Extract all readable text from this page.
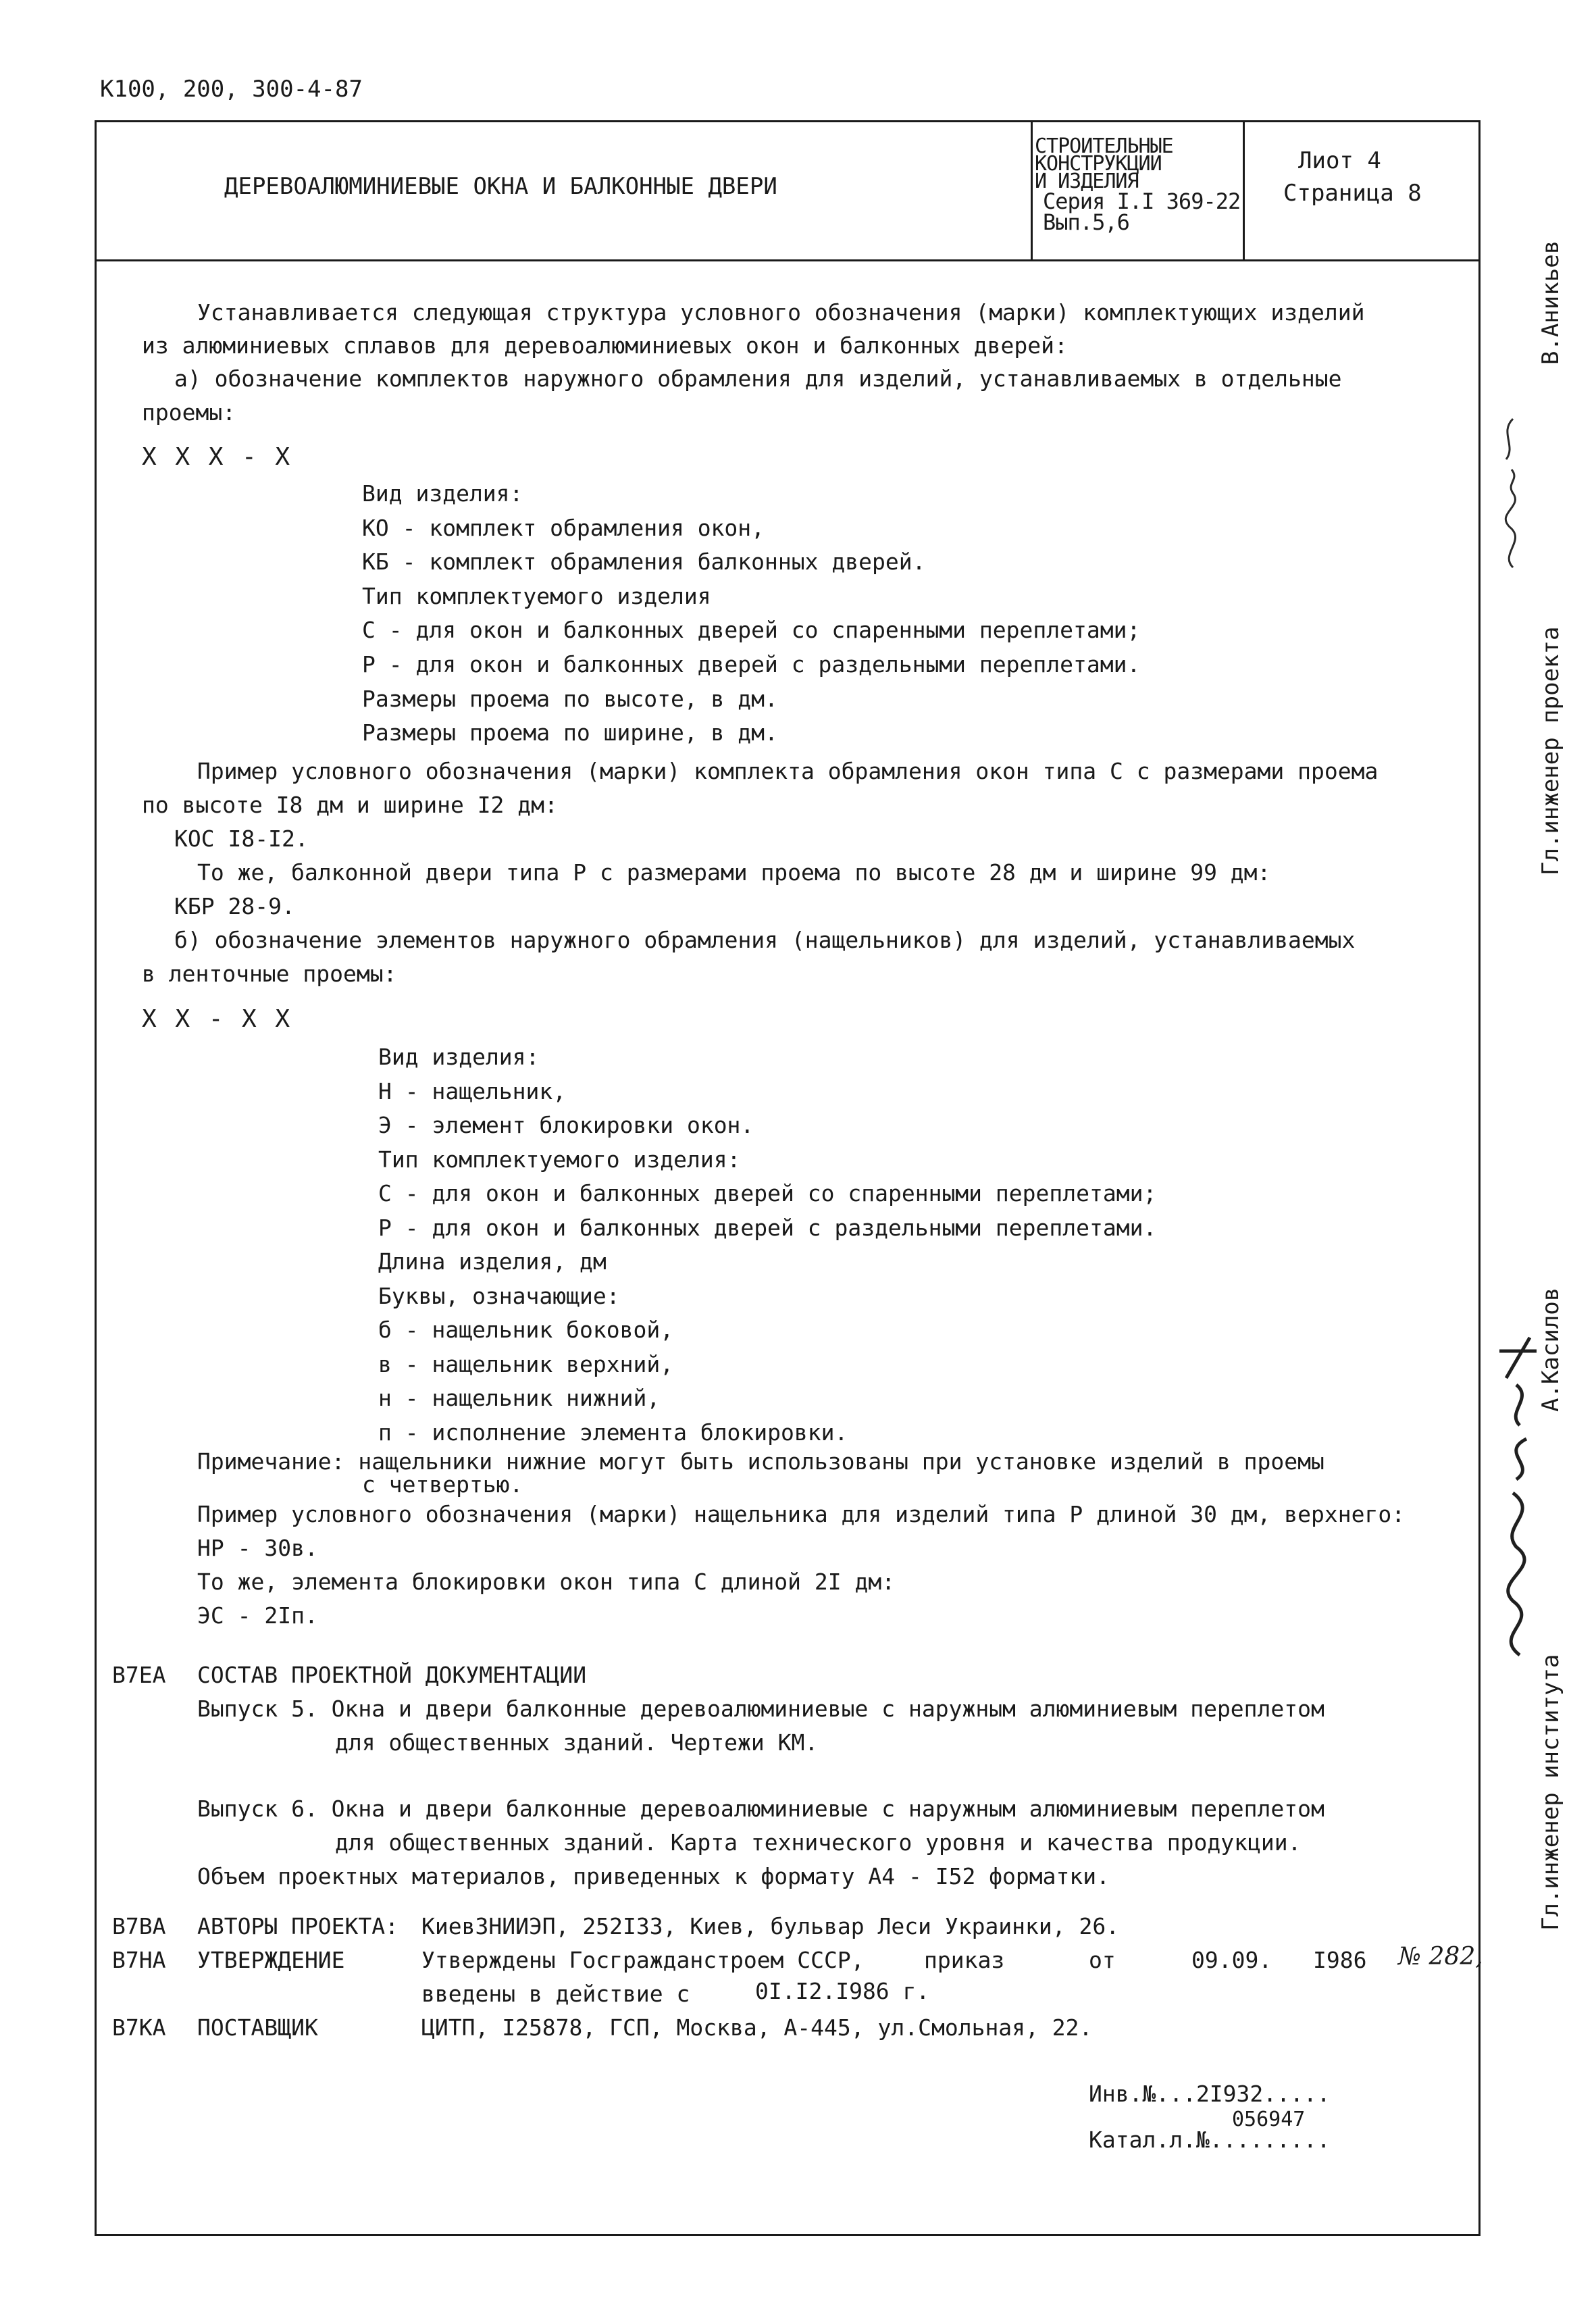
К100, 200, 300-4-87
ДЕРЕВОАЛЮМИНИЕВЫЕ ОКНА И БАЛКОННЫЕ ДВЕРИ
СТРОИТЕЛЬНЫЕ
КОНСТРУКЦИИ
И ИЗДЕЛИЯ
Серия I.I 369-22
Вып.5,6
Лиот 4
Страница 8
Устанавливается следующая структура условного обозначения (марки) комплектующих изделий
из алюминиевых сплавов для деревоалюминиевых окон и балконных дверей:
а) обозначение комплектов наружного обрамления для изделий, устанавливаемых в отдельные
проемы:
X X X - X
Вид изделия:
КО - комплект обрамления окон,
КБ - комплект обрамления балконных дверей.
Тип комплектуемого изделия
С - для окон и балконных дверей со спаренными переплетами;
Р - для окон и балконных дверей с раздельными переплетами.
Размеры проема по высоте, в дм.
Размеры проема по ширине, в дм.
Пример условного обозначения (марки) комплекта обрамления окон типа С с размерами проема
по высоте I8 дм и ширине I2 дм:
КОС I8-I2.
То же, балконной двери типа Р с размерами проема по высоте 28 дм и ширине 99 дм:
КБР 28-9.
б) обозначение элементов наружного обрамления (нащельников) для изделий, устанавливаемых
в ленточные проемы:
X X - X X
Вид изделия:
Н - нащельник,
Э - элемент блокировки окон.
Тип комплектуемого изделия:
С - для окон и балконных дверей со спаренными переплетами;
Р - для окон и балконных дверей с раздельными переплетами.
Длина изделия, дм
Буквы, означающие:
б - нащельник боковой,
в - нащельник верхний,
н - нащельник нижний,
п - исполнение элемента блокировки.
Примечание: нащельники нижние могут быть использованы при установке изделий в проемы
с четвертью.
Пример условного обозначения (марки) нащельника для изделий типа Р длиной 30 дм, верхнего:
НР - 30в.
То же, элемента блокировки окон типа С длиной 2I дм:
ЭС - 2Iп.
В7ЕА СОСТАВ ПРОЕКТНОЙ ДОКУМЕНТАЦИИ
Выпуск 5. Окна и двери балконные деревоалюминиевые с наружным алюминиевым переплетом
для общественных зданий. Чертежи КМ.
Выпуск 6. Окна и двери балконные деревоалюминиевые с наружным алюминиевым переплетом
для общественных зданий. Карта технического уровня и качества продукции.
Объем проектных материалов, приведенных к формату А4 - I52 форматки.
В7ВА АВТОРЫ ПРОЕКТА: КиевЗНИИЭП, 252I33, Киев, бульвар Леси Украинки, 26.
В7НА УТВЕРЖДЕНИЕ	Утверждены Госгражданстроем СССР,	приказ	от	09.09. I986 № 282,
введены в действие с	0I.I2.I986 г.
В7КА ПОСТАВЩИК	ЦИТП, I25878, ГСП, Москва, А-445, ул.Смольная, 22.
Инв.№...2I932.....
056947
Катал.л.№.........
В.Аникьев
Гл.инженер проекта
А.Касилов
Гл.инженер института
